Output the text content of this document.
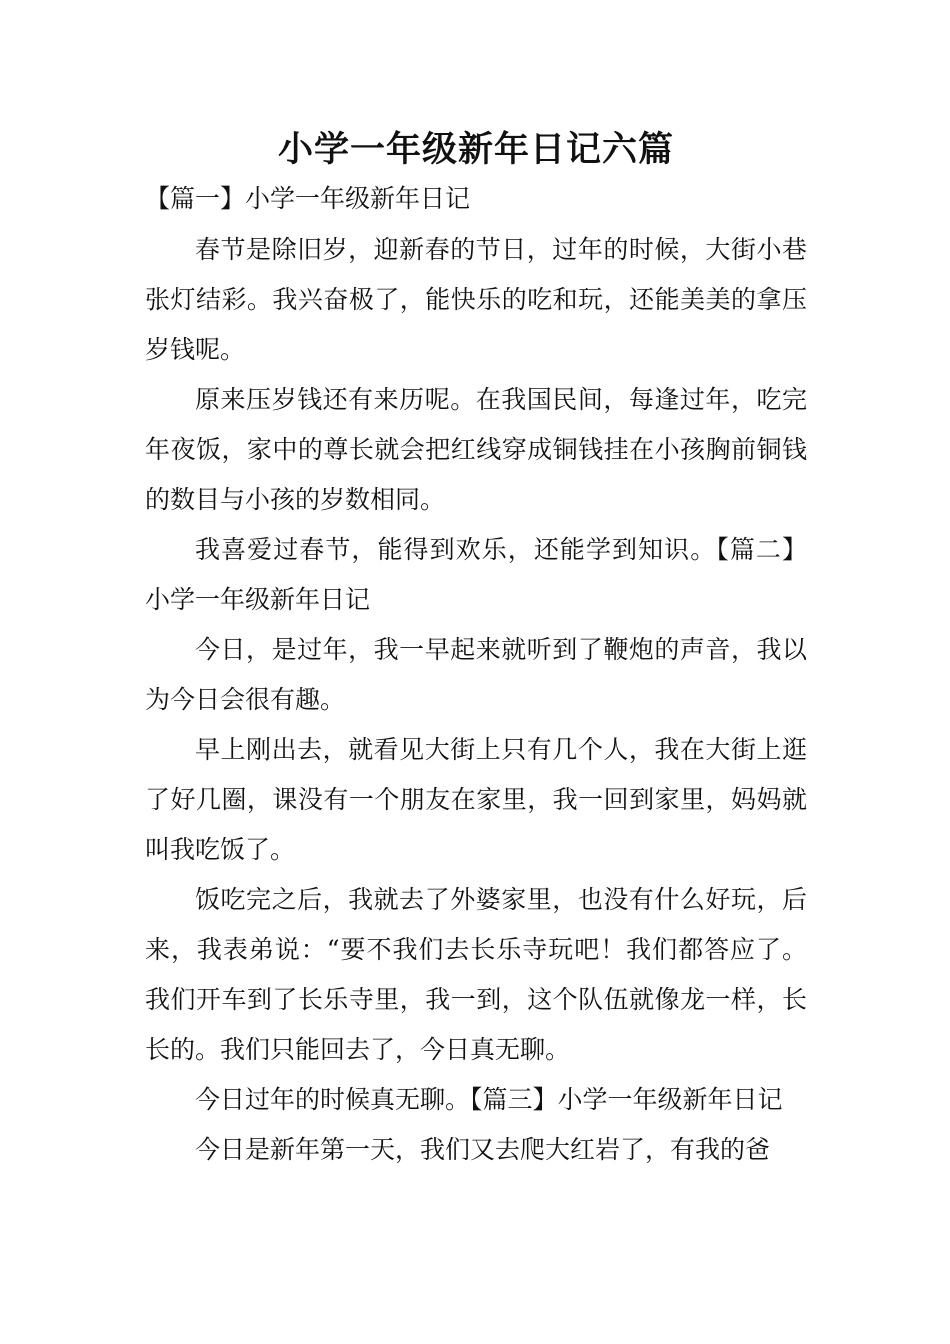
小学一年级新年日记六篇
【篇一】小学一年级新年日记

春节是除旧岁，迎新春的节日，过年的时候，大街小巷张灯结彩。我兴奋极了，能快乐的吃和玩，还能美美的拿压岁钱呢。

原来压岁钱还有来历呢。在我国民间，每逢过年，吃完年夜饭，家中的尊长就会把红线穿成铜钱挂在小孩胸前铜钱的数目与小孩的岁数相同。

我喜爱过春节，能得到欢乐，还能学到知识。【篇二】小学一年级新年日记

今日，是过年，我一早起来就听到了鞭炮的声音，我以为今日会很有趣。

早上刚出去，就看见大街上只有几个人，我在大街上逛了好几圈，课没有一个朋友在家里，我一回到家里，妈妈就叫我吃饭了。

饭吃完之后，我就去了外婆家里，也没有什么好玩，后来，我表弟说：“要不我们去长乐寺玩吧！我们都答应了。我们开车到了长乐寺里，我一到，这个队伍就像龙一样，长长的。我们只能回去了，今日真无聊。

今日过年的时候真无聊。【篇三】小学一年级新年日记

今日是新年第一天，我们又去爬大红岩了，有我的爸
